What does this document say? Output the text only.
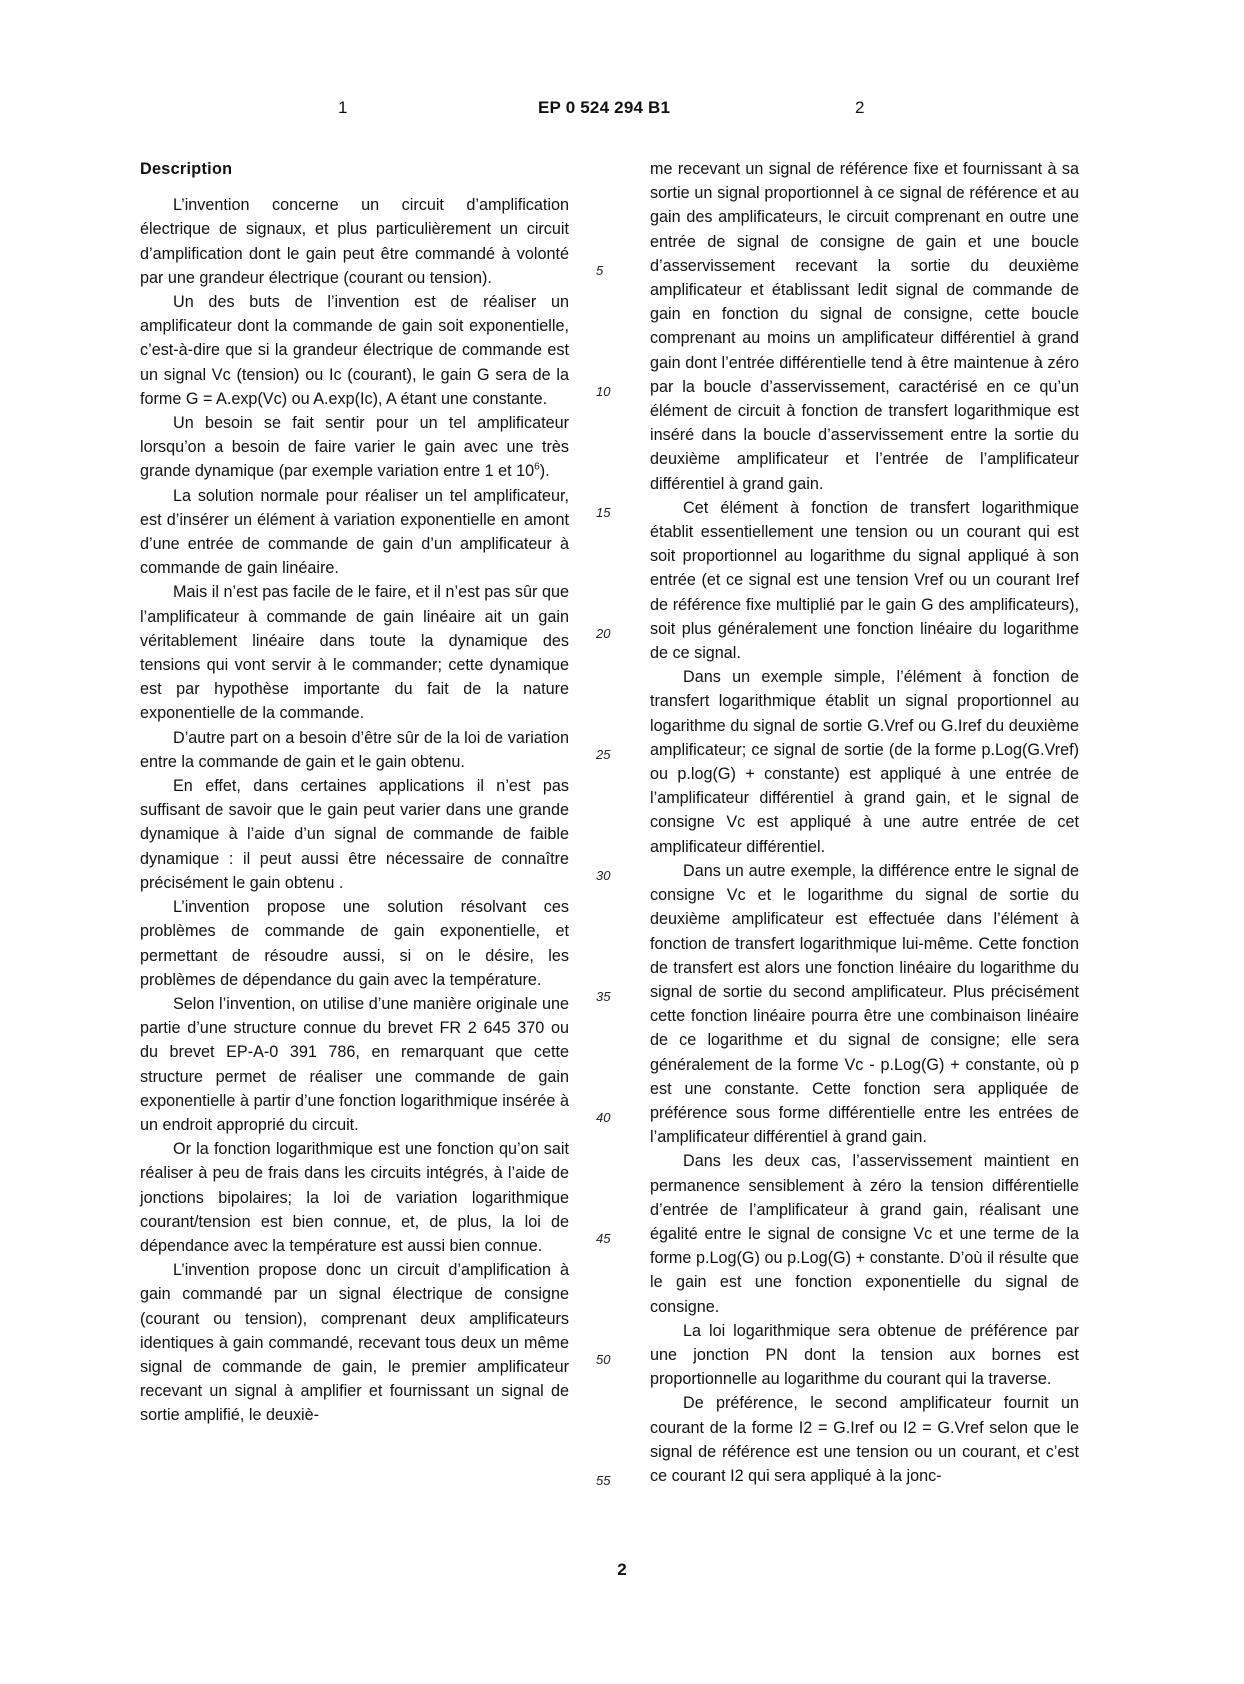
1	EP 0 524 294 B1	2
Description

L’invention concerne un circuit d’amplification électrique de signaux, et plus particulièrement un circuit d’amplification dont le gain peut être commandé à volonté par une grandeur électrique (courant ou tension).

Un des buts de l’invention est de réaliser un amplificateur dont la commande de gain soit exponentielle, c’est-à-dire que si la grandeur électrique de commande est un signal Vc (tension) ou Ic (courant), le gain G sera de la forme G = A.exp(Vc) ou A.exp(Ic), A étant une constante.

Un besoin se fait sentir pour un tel amplificateur lorsqu’on a besoin de faire varier le gain avec une très grande dynamique (par exemple variation entre 1 et $10^6$).

La solution normale pour réaliser un tel amplificateur, est d’insérer un élément à variation exponentielle en amont d’une entrée de commande de gain d’un amplificateur à commande de gain linéaire.

Mais il n’est pas facile de le faire, et il n’est pas sûr que l’amplificateur à commande de gain linéaire ait un gain véritablement linéaire dans toute la dynamique des tensions qui vont servir à le commander; cette dynamique est par hypothèse importante du fait de la nature exponentielle de la commande.

D’autre part on a besoin d’être sûr de la loi de variation entre la commande de gain et le gain obtenu.

En effet, dans certaines applications il n’est pas suffisant de savoir que le gain peut varier dans une grande dynamique à l’aide d’un signal de commande de faible dynamique : il peut aussi être nécessaire de connaître précisément le gain obtenu .

L’invention propose une solution résolvant ces problèmes de commande de gain exponentielle, et permettant de résoudre aussi, si on le désire, les problèmes de dépendance du gain avec la température.

Selon l’invention, on utilise d’une manière originale une partie d’une structure connue du brevet FR 2 645 370 ou du brevet EP-A-0 391 786, en remarquant que cette structure permet de réaliser une commande de gain exponentielle à partir d’une fonction logarithmique insérée à un endroit approprié du circuit.

Or la fonction logarithmique est une fonction qu’on sait réaliser à peu de frais dans les circuits intégrés, à l’aide de jonctions bipolaires; la loi de variation logarithmique courant/tension est bien connue, et, de plus, la loi de dépendance avec la température est aussi bien connue.

L’invention propose donc un circuit d’amplification à gain commandé par un signal électrique de consigne (courant ou tension), comprenant deux amplificateurs identiques à gain commandé, recevant tous deux un même signal de commande de gain, le premier amplificateur recevant un signal à amplifier et fournissant un signal de sortie amplifié, le deuxiè-

me recevant un signal de référence fixe et fournissant à sa sortie un signal proportionnel à ce signal de référence et au gain des amplificateurs, le circuit comprenant en outre une entrée de signal de consigne de gain et une boucle d’asservissement recevant la sortie du deuxième amplificateur et établissant ledit signal de commande de gain en fonction du signal de consigne, cette boucle comprenant au moins un amplificateur différentiel à grand gain dont l’entrée différentielle tend à être maintenue à zéro par la boucle d’asservissement, caractérisé en ce qu’un élément de circuit à fonction de transfert logarithmique est inséré dans la boucle d’asservissement entre la sortie du deuxième amplificateur et l’entrée de l’amplificateur différentiel à grand gain.

Cet élément à fonction de transfert logarithmique établit essentiellement une tension ou un courant qui est soit proportionnel au logarithme du signal appliqué à son entrée (et ce signal est une tension Vref ou un courant Iref de référence fixe multiplié par le gain G des amplificateurs), soit plus généralement une fonction linéaire du logarithme de ce signal.

Dans un exemple simple, l’élément à fonction de transfert logarithmique établit un signal proportionnel au logarithme du signal de sortie G.Vref ou G.Iref du deuxième amplificateur; ce signal de sortie (de la forme p.Log(G.Vref) ou p.log(G) + constante) est appliqué à une entrée de l’amplificateur différentiel à grand gain, et le signal de consigne Vc est appliqué à une autre entrée de cet amplificateur différentiel.

Dans un autre exemple, la différence entre le signal de consigne Vc et le logarithme du signal de sortie du deuxième amplificateur est effectuée dans l’élément à fonction de transfert logarithmique lui-même. Cette fonction de transfert est alors une fonction linéaire du logarithme du signal de sortie du second amplificateur. Plus précisément cette fonction linéaire pourra être une combinaison linéaire de ce logarithme et du signal de consigne; elle sera généralement de la forme Vc - p.Log(G) + constante, où p est une constante. Cette fonction sera appliquée de préférence sous forme différentielle entre les entrées de l’amplificateur différentiel à grand gain.

Dans les deux cas, l’asservissement maintient en permanence sensiblement à zéro la tension différentielle d’entrée de l’amplificateur à grand gain, réalisant une égalité entre le signal de consigne Vc et une terme de la forme p.Log(G) ou p.Log(G) + constante. D’où il résulte que le gain est une fonction exponentielle du signal de consigne.

La loi logarithmique sera obtenue de préférence par une jonction PN dont la tension aux bornes est proportionnelle au logarithme du courant qui la traverse.

De préférence, le second amplificateur fournit un courant de la forme I2 = G.Iref ou I2 = G.Vref selon que le signal de référence est une tension ou un courant, et c’est ce courant I2 qui sera appliqué à la jonc-

5
10
15
20
25
30
35
40
45
50
55
2
